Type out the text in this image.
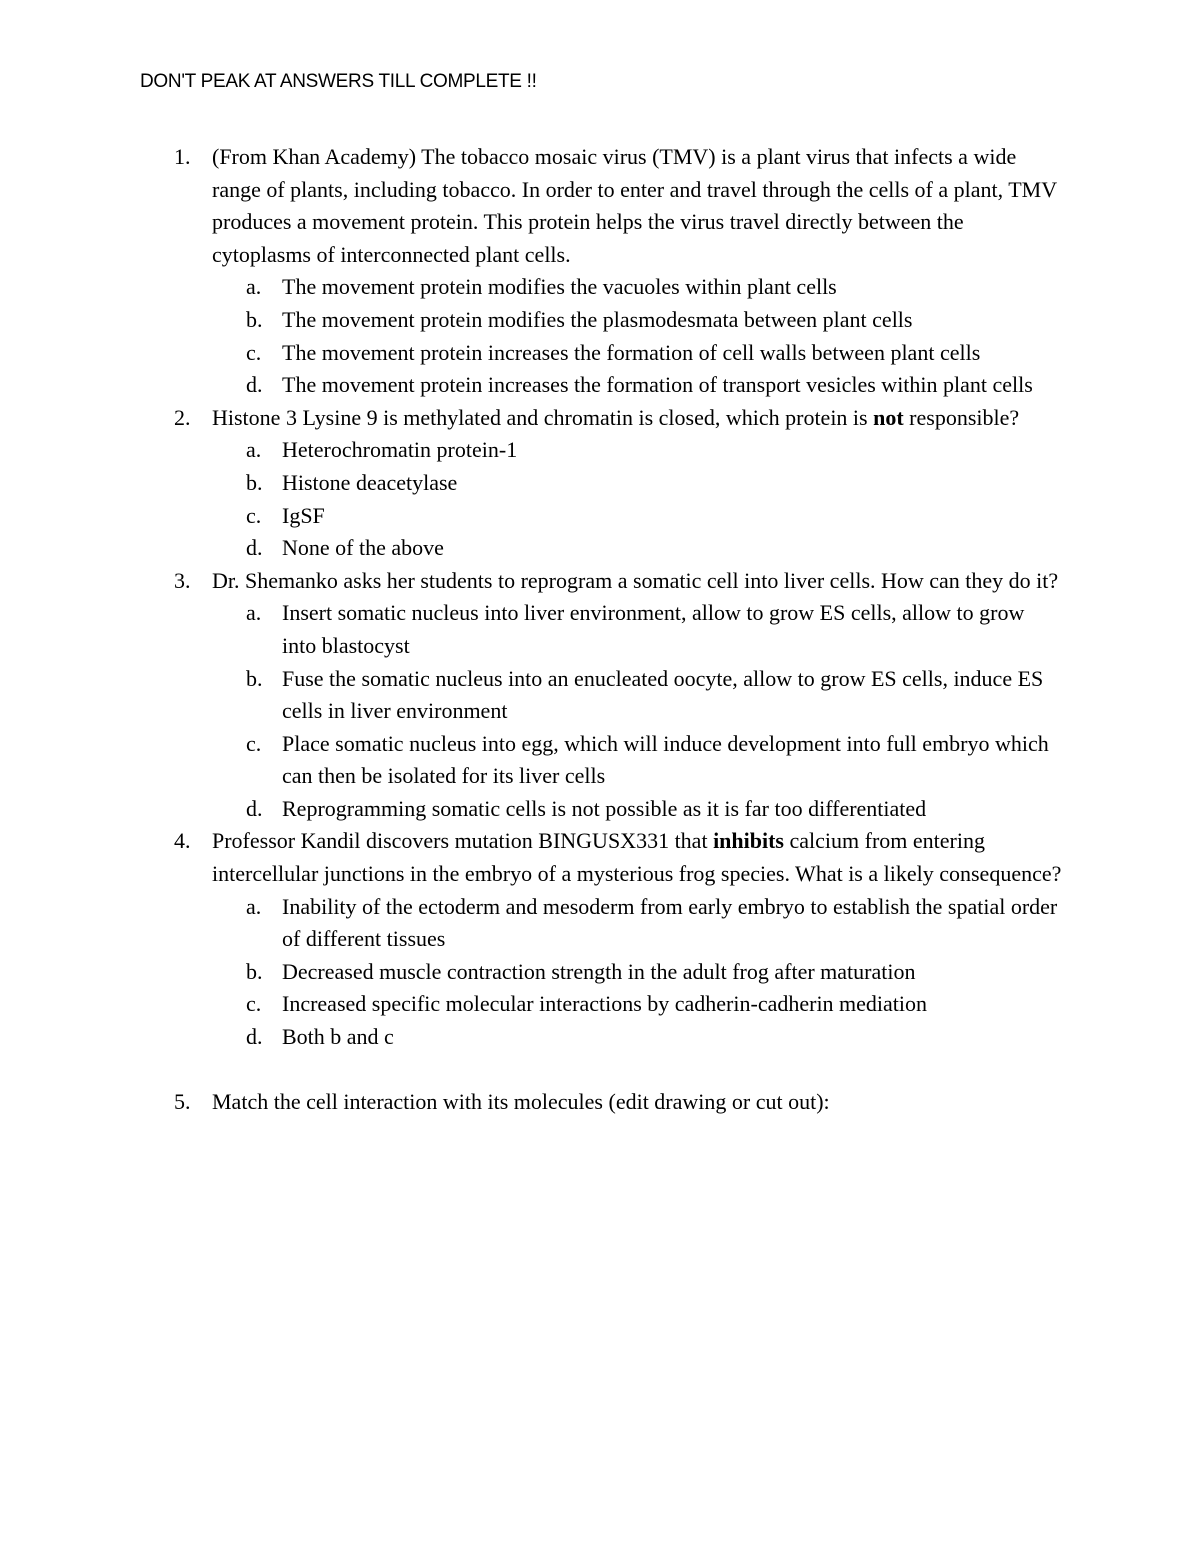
DON'T PEAK AT ANSWERS TILL COMPLETE !!
1. (From Khan Academy) The tobacco mosaic virus (TMV) is a plant virus that infects a wide range of plants, including tobacco. In order to enter and travel through the cells of a plant, TMV produces a movement protein. This protein helps the virus travel directly between the cytoplasms of interconnected plant cells.
a. The movement protein modifies the vacuoles within plant cells
b. The movement protein modifies the plasmodesmata between plant cells
c. The movement protein increases the formation of cell walls between plant cells
d. The movement protein increases the formation of transport vesicles within plant cells
2. Histone 3 Lysine 9 is methylated and chromatin is closed, which protein is not responsible?
a. Heterochromatin protein-1
b. Histone deacetylase
c. IgSF
d. None of the above
3. Dr. Shemanko asks her students to reprogram a somatic cell into liver cells. How can they do it?
a. Insert somatic nucleus into liver environment, allow to grow ES cells, allow to grow into blastocyst
b. Fuse the somatic nucleus into an enucleated oocyte, allow to grow ES cells, induce ES cells in liver environment
c. Place somatic nucleus into egg, which will induce development into full embryo which can then be isolated for its liver cells
d. Reprogramming somatic cells is not possible as it is far too differentiated
4. Professor Kandil discovers mutation BINGUSX331 that inhibits calcium from entering intercellular junctions in the embryo of a mysterious frog species. What is a likely consequence?
a. Inability of the ectoderm and mesoderm from early embryo to establish the spatial order of different tissues
b. Decreased muscle contraction strength in the adult frog after maturation
c. Increased specific molecular interactions by cadherin-cadherin mediation
d. Both b and c
5. Match the cell interaction with its molecules (edit drawing or cut out):
